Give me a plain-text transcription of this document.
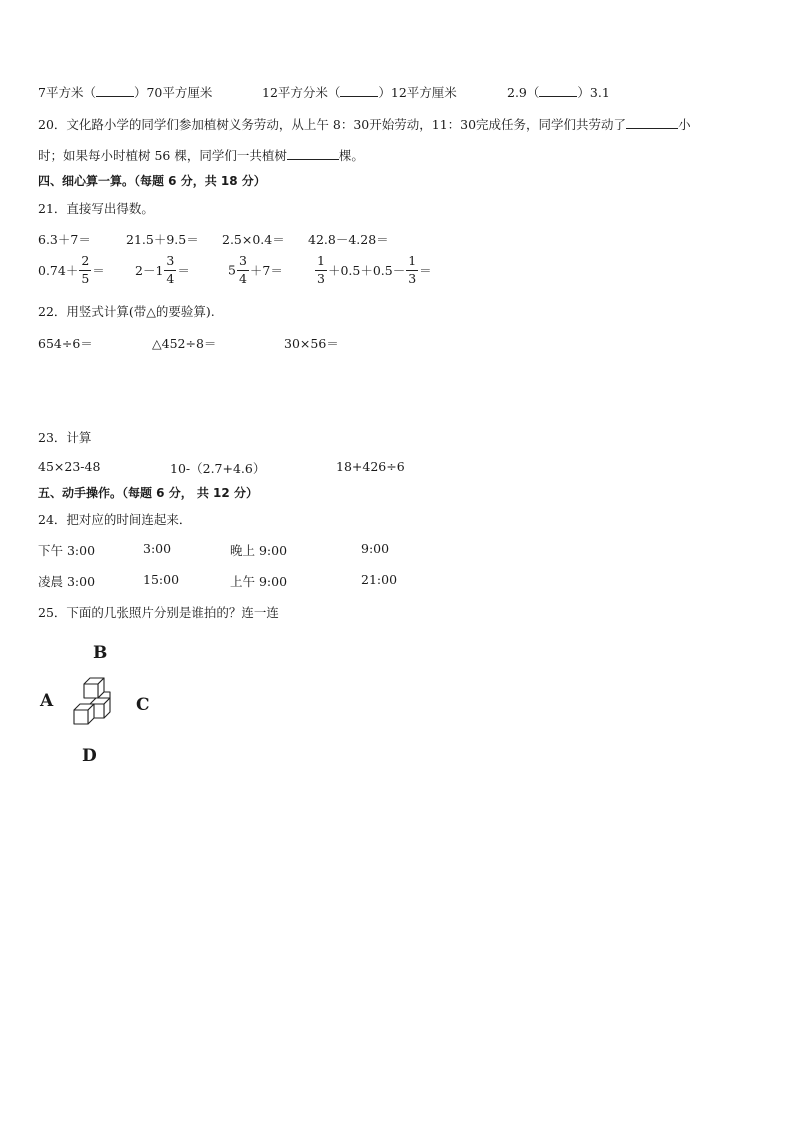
7平方米（	）70平方厘米	12平方分米（	）12平方厘米	2.9（	）3.1
20．文化路小学的同学们参加植树义务劳动，从上午 8：30开始劳动，11：30完成任务，同学们共劳动了	小
时；如果每小时植树 56 棵，同学们一共植树	棵。
四、细心算一算。（每题 6 分，共 18 分）
21．直接写出得数。
6.3＋7＝	21.5＋9.5＝ 2.5×0.4＝ 42.8－4.28＝
$0.74+ \frac{2}{5} = 2-1 \frac{3}{4}$ ＝	$5 \frac{3}{4} +7=$	$\frac{1}{3} +0.5+0.5- \frac{1}{3}$ ＝
22．用竖式计算(带△的要验算).
654÷6＝	△452÷8＝	30×56＝
23．计算
45×23-48	10-（2.7+4.6）	18+426÷6
五、动手操作。（每题 6 分， 共 12 分）
24．把对应的时间连起来．
下午 3:00	3:00	晚上 9:00	9:00
凌晨 3:00	15:00	上午 9:00	21:00
25．下面的几张照片分别是谁拍的？连一连
B
A	C
D
